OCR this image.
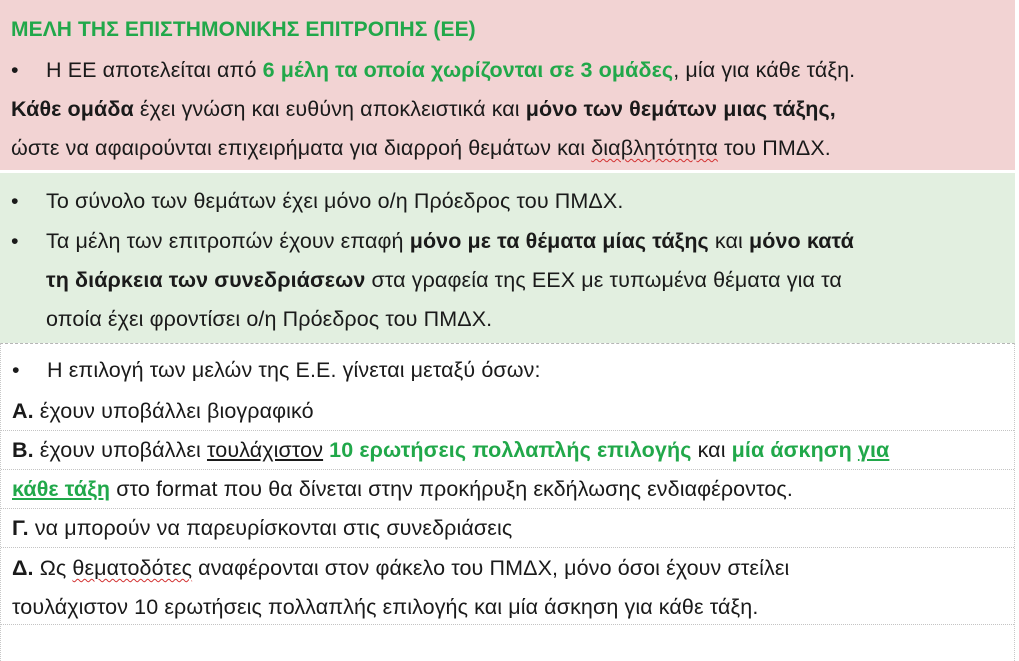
ΜΕΛΗ ΤΗΣ ΕΠΙΣΤΗΜΟΝΙΚΗΣ ΕΠΙΤΡΟΠΗΣ (ΕΕ)
• Η ΕΕ αποτελείται από 6 μέλη τα οποία χωρίζονται σε 3 ομάδες, μία για κάθε τάξη.
Κάθε ομάδα έχει γνώση και ευθύνη αποκλειστικά και μόνο των θεμάτων μιας τάξης,
ώστε να αφαιρούνται επιχειρήματα για διαρροή θεμάτων και διαβλητότητα του ΠΜΔΧ.
• Το σύνολο των θεμάτων έχει μόνο ο/η Πρόεδρος του ΠΜΔΧ.
• Τα μέλη των επιτροπών έχουν επαφή μόνο με τα θέματα μίας τάξης και μόνο κατά
τη διάρκεια των συνεδριάσεων στα γραφεία της ΕΕΧ με τυπωμένα θέματα για τα
οποία έχει φροντίσει ο/η Πρόεδρος του ΠΜΔΧ.
• Η επιλογή των μελών της Ε.Ε. γίνεται μεταξύ όσων:
Α. έχουν υποβάλλει βιογραφικό
Β. έχουν υποβάλλει τουλάχιστον 10 ερωτήσεις πολλαπλής επιλογής και μία άσκηση για
κάθε τάξη στο format που θα δίνεται στην προκήρυξη εκδήλωσης ενδιαφέροντος.
Γ. να μπορούν να παρευρίσκονται στις συνεδριάσεις
Δ. Ως θεματοδότες αναφέρονται στον φάκελο του ΠΜΔΧ, μόνο όσοι έχουν στείλει
τουλάχιστον 10 ερωτήσεις πολλαπλής επιλογής και μία άσκηση για κάθε τάξη.
